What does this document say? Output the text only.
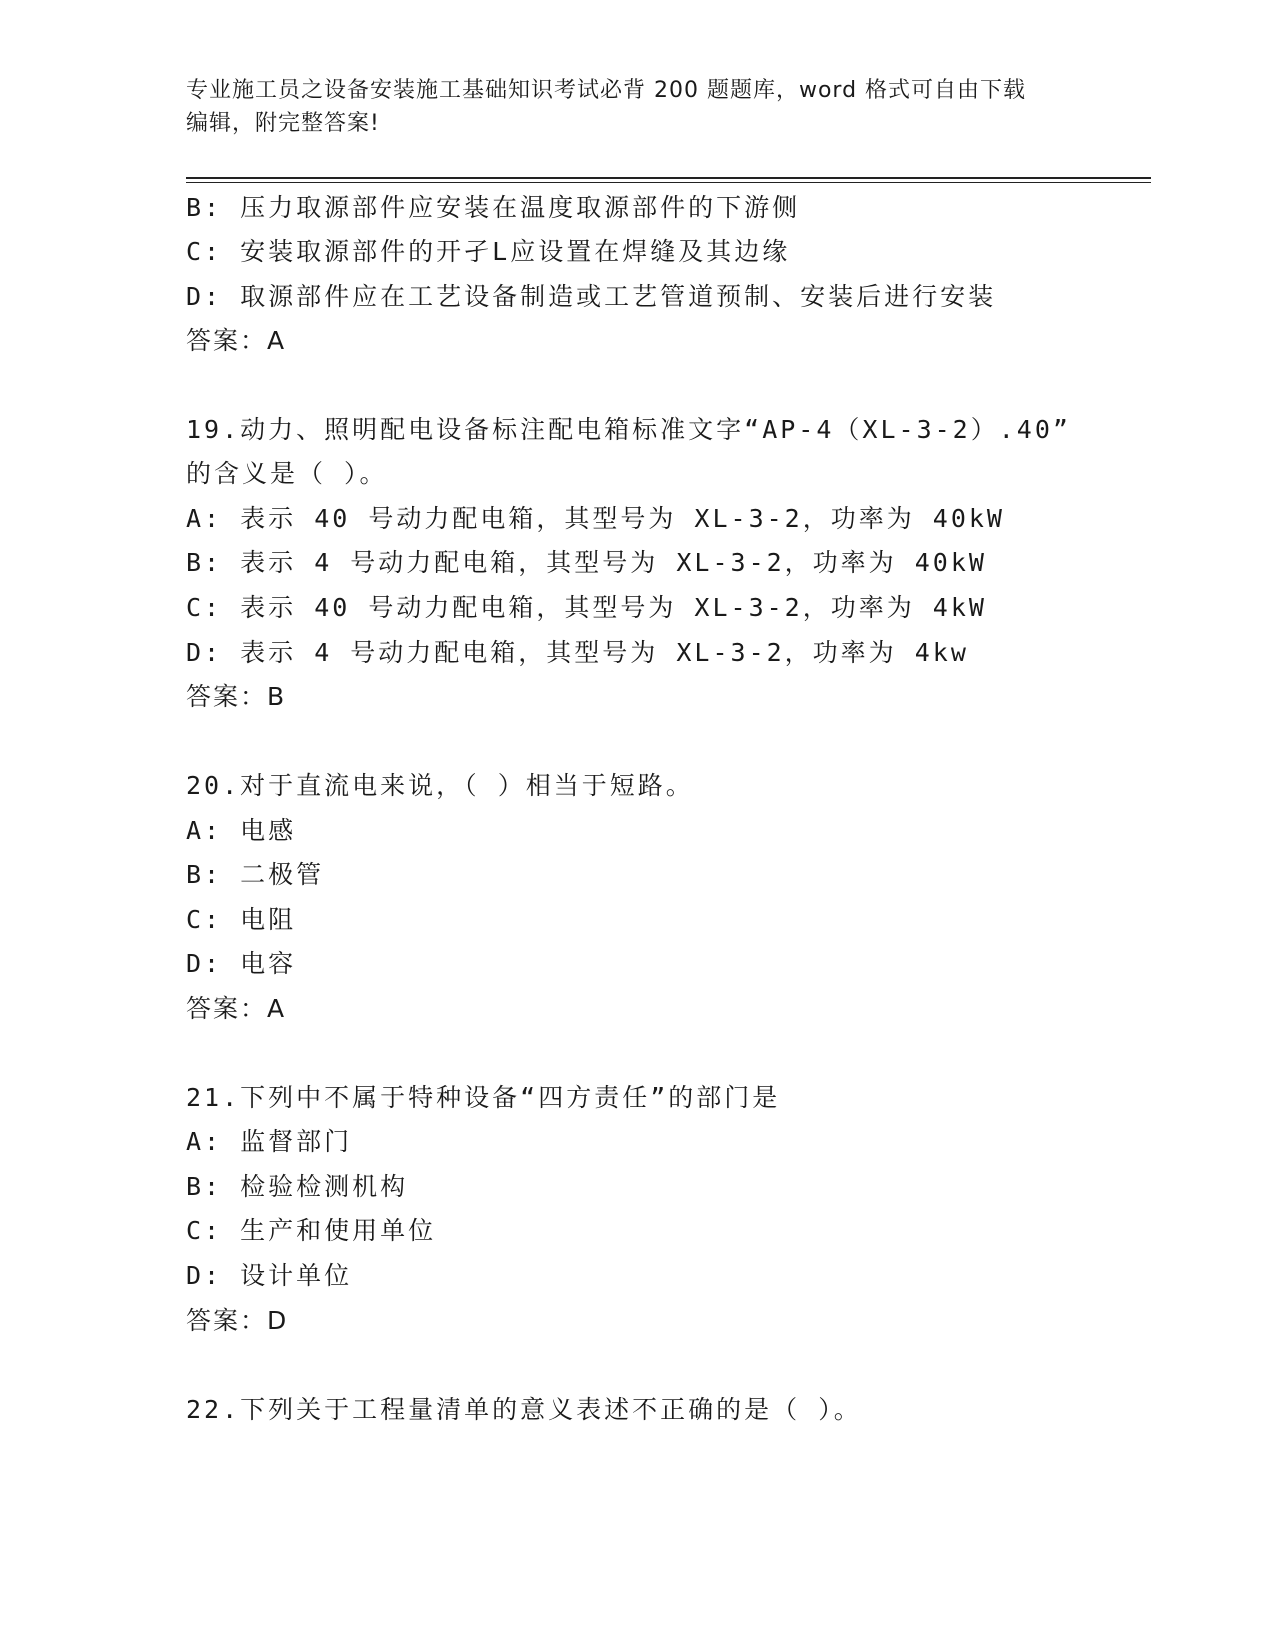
专业施工员之设备安装施工基础知识考试必背 200 题题库，word 格式可自由下载
编辑，附完整答案!
B: 压力取源部件应安装在温度取源部件的下游侧
C: 安装取源部件的开孑L应设置在焊缝及其边缘
D: 取源部件应在工艺设备制造或工艺管道预制、安装后进行安装
答案：A
19.动力、照明配电设备标注配电箱标准文字“AP-4（XL-3-2）.40”
的含义是（ ）。
A: 表示 40 号动力配电箱，其型号为 XL-3-2，功率为 40kW
B: 表示 4 号动力配电箱，其型号为 XL-3-2，功率为 40kW
C: 表示 40 号动力配电箱，其型号为 XL-3-2，功率为 4kW
D: 表示 4 号动力配电箱，其型号为 XL-3-2，功率为 4kw
答案：B
20.对于直流电来说，（ ）相当于短路。
A: 电感
B: 二极管
C: 电阻
D: 电容
答案：A
21.下列中不属于特种设备“四方责任”的部门是
A: 监督部门
B: 检验检测机构
C: 生产和使用单位
D: 设计单位
答案：D
22.下列关于工程量清单的意义表述不正确的是（ ）。
